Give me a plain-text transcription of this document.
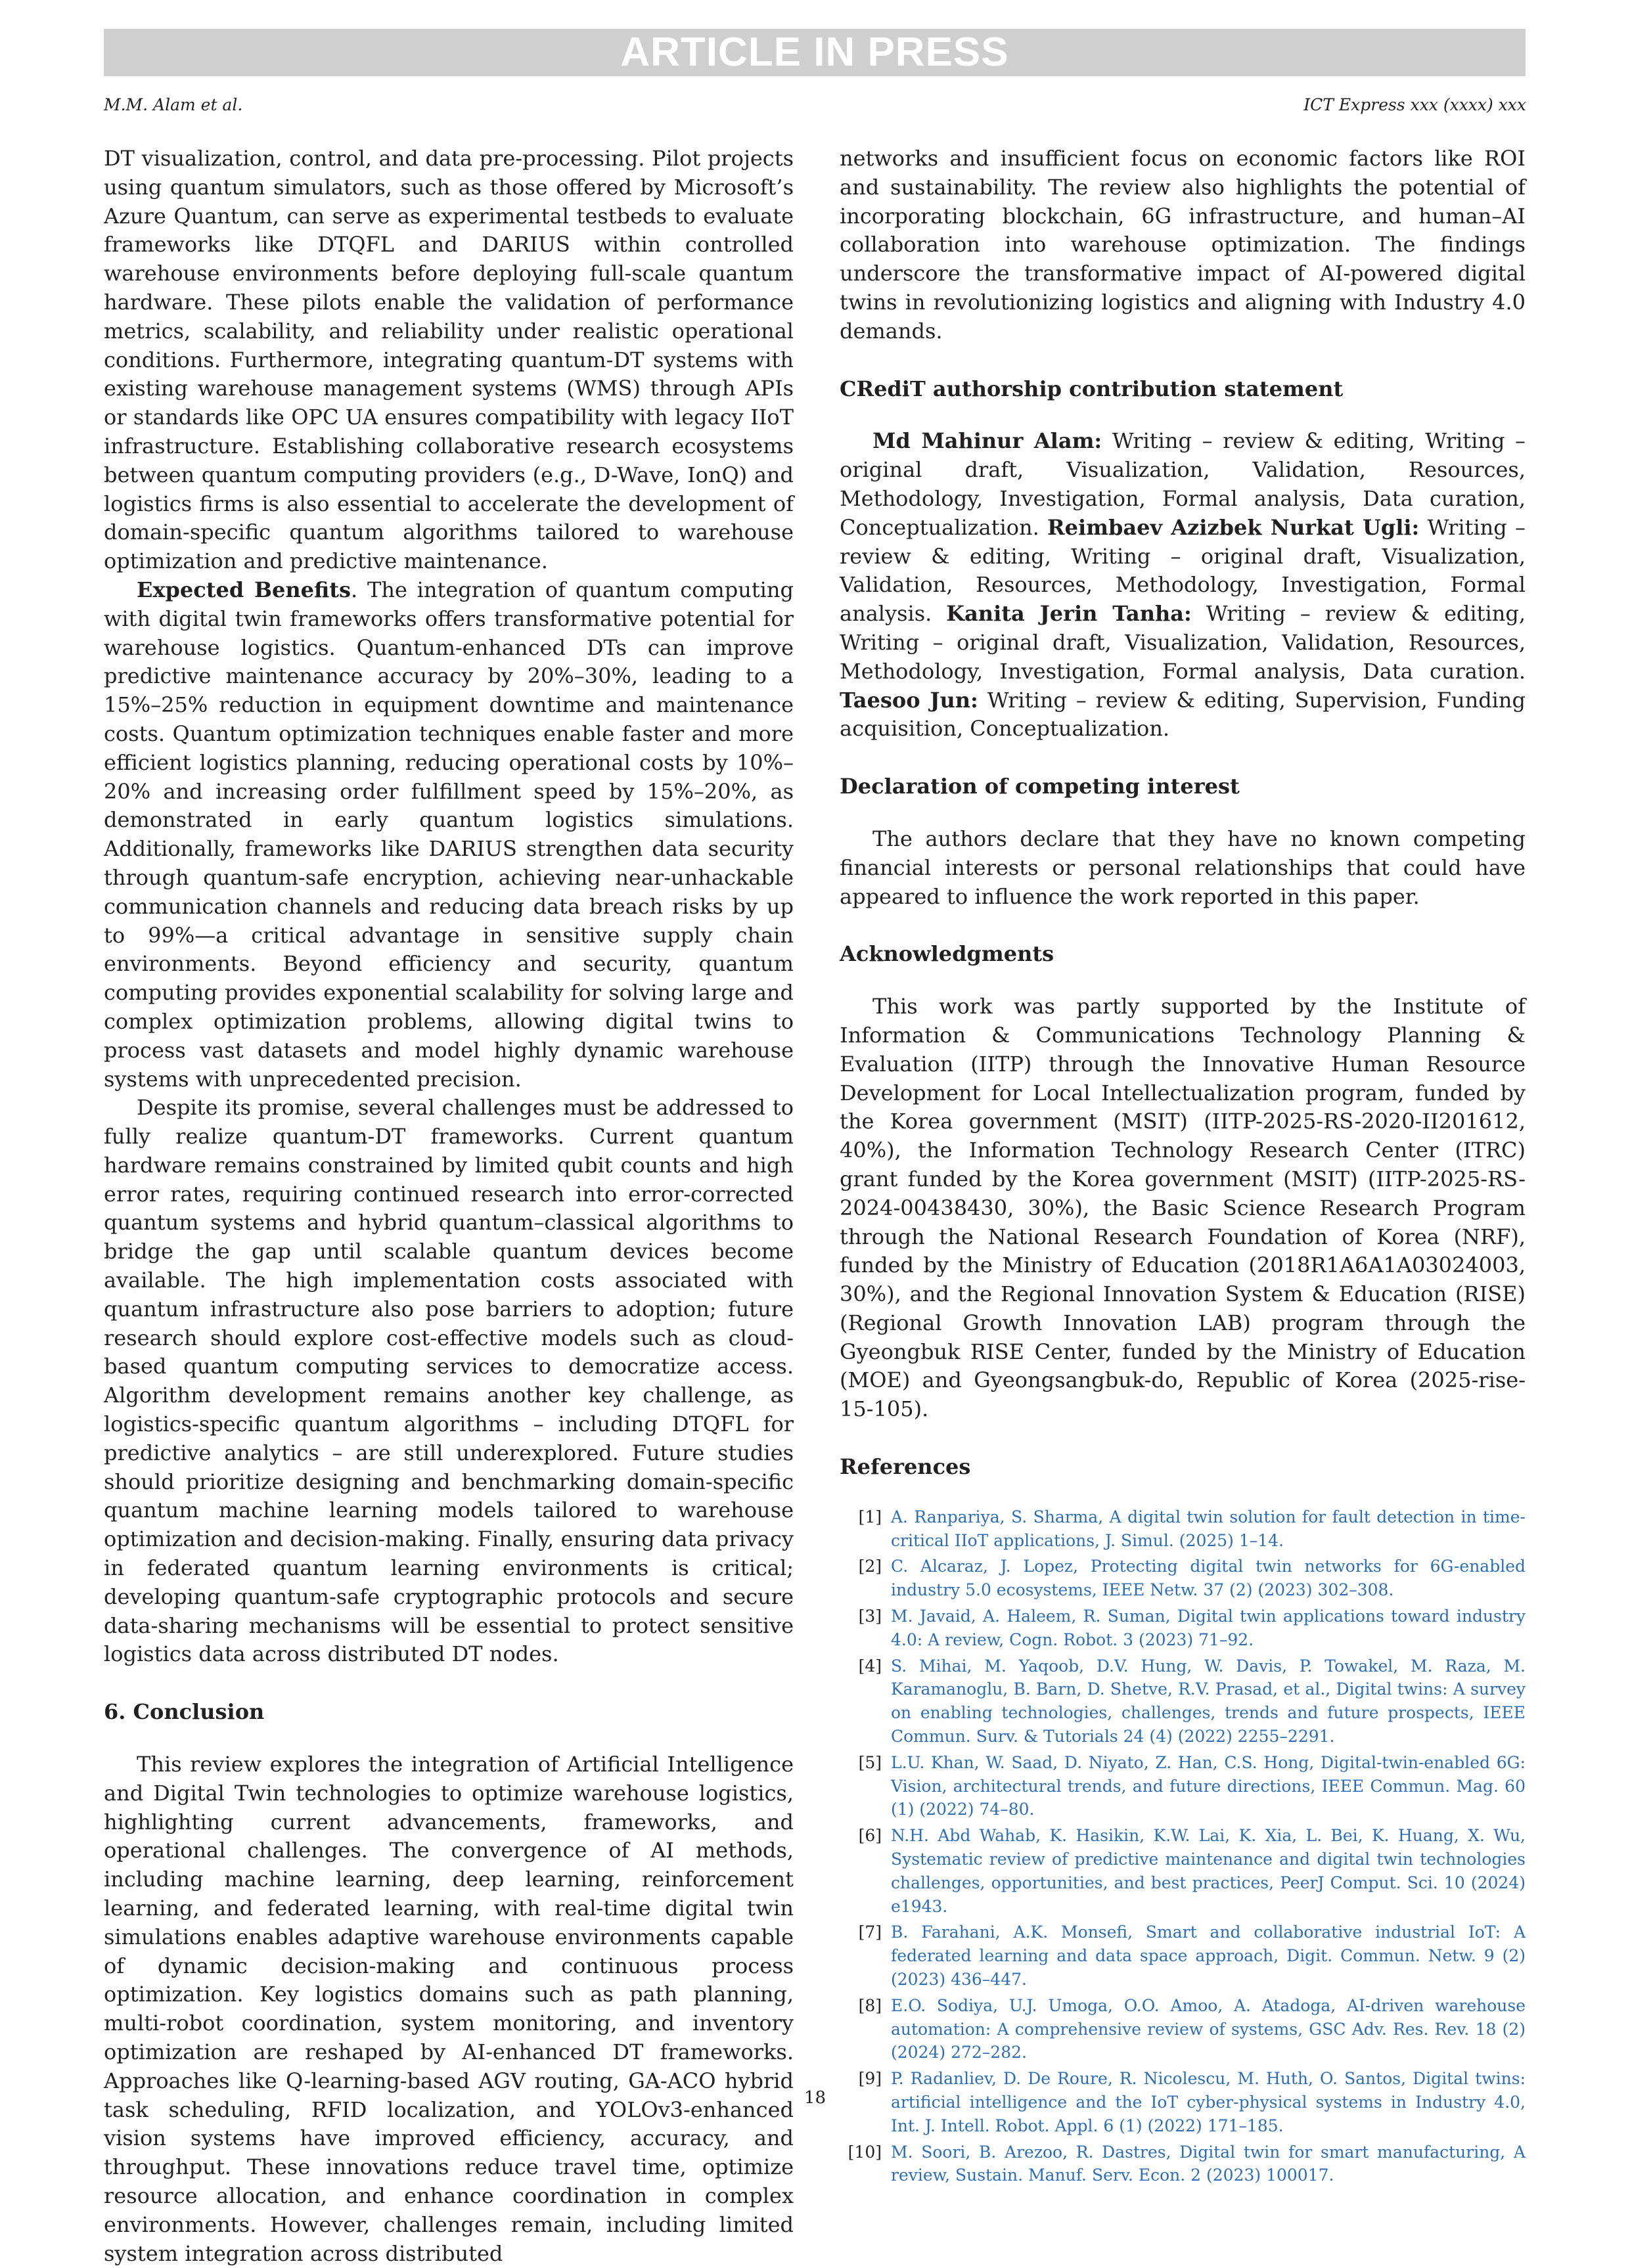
ARTICLE IN PRESS
M.M. Alam et al.	ICT Express xxx (xxxx) xxx

DT visualization, control, and data pre-processing. Pilot projects using quantum simulators, such as those offered by Microsoft’s Azure Quantum, can serve as experimental testbeds to evaluate frameworks like DTQFL and DARIUS within controlled warehouse environments before deploying full-scale quantum hardware. These pilots enable the validation of performance metrics, scalability, and reliability under realistic operational conditions. Furthermore, integrating quantum-DT systems with existing warehouse management systems (WMS) through APIs or standards like OPC UA ensures compatibility with legacy IIoT infrastructure. Establishing collaborative research ecosystems between quantum computing providers (e.g., D-Wave, IonQ) and logistics firms is also essential to accelerate the development of domain-specific quantum algorithms tailored to warehouse optimization and predictive maintenance.

Expected Benefits. The integration of quantum computing with digital twin frameworks offers transformative potential for warehouse logistics. Quantum-enhanced DTs can improve predictive maintenance accuracy by 20%–30%, leading to a 15%–25% reduction in equipment downtime and maintenance costs. Quantum optimization techniques enable faster and more efficient logistics planning, reducing operational costs by 10%–20% and increasing order fulfillment speed by 15%–20%, as demonstrated in early quantum logistics simulations. Additionally, frameworks like DARIUS strengthen data security through quantum-safe encryption, achieving near-unhackable communication channels and reducing data breach risks by up to 99%—a critical advantage in sensitive supply chain environments. Beyond efficiency and security, quantum computing provides exponential scalability for solving large and complex optimization problems, allowing digital twins to process vast datasets and model highly dynamic warehouse systems with unprecedented precision.

Despite its promise, several challenges must be addressed to fully realize quantum-DT frameworks. Current quantum hardware remains constrained by limited qubit counts and high error rates, requiring continued research into error-corrected quantum systems and hybrid quantum–classical algorithms to bridge the gap until scalable quantum devices become available. The high implementation costs associated with quantum infrastructure also pose barriers to adoption; future research should explore cost-effective models such as cloud-based quantum computing services to democratize access. Algorithm development remains another key challenge, as logistics-specific quantum algorithms – including DTQFL for predictive analytics – are still underexplored. Future studies should prioritize designing and benchmarking domain-specific quantum machine learning models tailored to warehouse optimization and decision-making. Finally, ensuring data privacy in federated quantum learning environments is critical; developing quantum-safe cryptographic protocols and secure data-sharing mechanisms will be essential to protect sensitive logistics data across distributed DT nodes.

6. Conclusion

This review explores the integration of Artificial Intelligence and Digital Twin technologies to optimize warehouse logistics, highlighting current advancements, frameworks, and operational challenges. The convergence of AI methods, including machine learning, deep learning, reinforcement learning, and federated learning, with real-time digital twin simulations enables adaptive warehouse environments capable of dynamic decision-making and continuous process optimization. Key logistics domains such as path planning, multi-robot coordination, system monitoring, and inventory optimization are reshaped by AI-enhanced DT frameworks. Approaches like Q-learning-based AGV routing, GA-ACO hybrid task scheduling, RFID localization, and YOLOv3-enhanced vision systems have improved efficiency, accuracy, and throughput. These innovations reduce travel time, optimize resource allocation, and enhance coordination in complex environments. However, challenges remain, including limited system integration across distributed

networks and insufficient focus on economic factors like ROI and sustainability. The review also highlights the potential of incorporating blockchain, 6G infrastructure, and human–AI collaboration into warehouse optimization. The findings underscore the transformative impact of AI-powered digital twins in revolutionizing logistics and aligning with Industry 4.0 demands.

CRediT authorship contribution statement

Md Mahinur Alam: Writing – review & editing, Writing – original draft, Visualization, Validation, Resources, Methodology, Investigation, Formal analysis, Data curation, Conceptualization. Reimbaev Azizbek Nurkat Ugli: Writing – review & editing, Writing – original draft, Visualization, Validation, Resources, Methodology, Investigation, Formal analysis. Kanita Jerin Tanha: Writing – review & editing, Writing – original draft, Visualization, Validation, Resources, Methodology, Investigation, Formal analysis, Data curation. Taesoo Jun: Writing – review & editing, Supervision, Funding acquisition, Conceptualization.

Declaration of competing interest

The authors declare that they have no known competing financial interests or personal relationships that could have appeared to influence the work reported in this paper.

Acknowledgments

This work was partly supported by the Institute of Information & Communications Technology Planning & Evaluation (IITP) through the Innovative Human Resource Development for Local Intellectualization program, funded by the Korea government (MSIT) (IITP-2025-RS-2020-II201612, 40%), the Information Technology Research Center (ITRC) grant funded by the Korea government (MSIT) (IITP-2025-RS-2024-00438430, 30%), the Basic Science Research Program through the National Research Foundation of Korea (NRF), funded by the Ministry of Education (2018R1A6A1A03024003, 30%), and the Regional Innovation System & Education (RISE) (Regional Growth Innovation LAB) program through the Gyeongbuk RISE Center, funded by the Ministry of Education (MOE) and Gyeongsangbuk-do, Republic of Korea (2025-rise-15-105).

References
[1] A. Ranpariya, S. Sharma, A digital twin solution for fault detection in time-critical IIoT applications, J. Simul. (2025) 1–14.
[2] C. Alcaraz, J. Lopez, Protecting digital twin networks for 6G-enabled industry 5.0 ecosystems, IEEE Netw. 37 (2) (2023) 302–308.
[3] M. Javaid, A. Haleem, R. Suman, Digital twin applications toward industry 4.0: A review, Cogn. Robot. 3 (2023) 71–92.
[4] S. Mihai, M. Yaqoob, D.V. Hung, W. Davis, P. Towakel, M. Raza, M. Karamanoglu, B. Barn, D. Shetve, R.V. Prasad, et al., Digital twins: A survey on enabling technologies, challenges, trends and future prospects, IEEE Commun. Surv. & Tutorials 24 (4) (2022) 2255–2291.
[5] L.U. Khan, W. Saad, D. Niyato, Z. Han, C.S. Hong, Digital-twin-enabled 6G: Vision, architectural trends, and future directions, IEEE Commun. Mag. 60 (1) (2022) 74–80.
[6] N.H. Abd Wahab, K. Hasikin, K.W. Lai, K. Xia, L. Bei, K. Huang, X. Wu, Systematic review of predictive maintenance and digital twin technologies challenges, opportunities, and best practices, PeerJ Comput. Sci. 10 (2024) e1943.
[7] B. Farahani, A.K. Monsefi, Smart and collaborative industrial IoT: A federated learning and data space approach, Digit. Commun. Netw. 9 (2) (2023) 436–447.
[8] E.O. Sodiya, U.J. Umoga, O.O. Amoo, A. Atadoga, AI-driven warehouse automation: A comprehensive review of systems, GSC Adv. Res. Rev. 18 (2) (2024) 272–282.
[9] P. Radanliev, D. De Roure, R. Nicolescu, M. Huth, O. Santos, Digital twins: artificial intelligence and the IoT cyber-physical systems in Industry 4.0, Int. J. Intell. Robot. Appl. 6 (1) (2022) 171–185.
[10] M. Soori, B. Arezoo, R. Dastres, Digital twin for smart manufacturing, A review, Sustain. Manuf. Serv. Econ. 2 (2023) 100017.
18
